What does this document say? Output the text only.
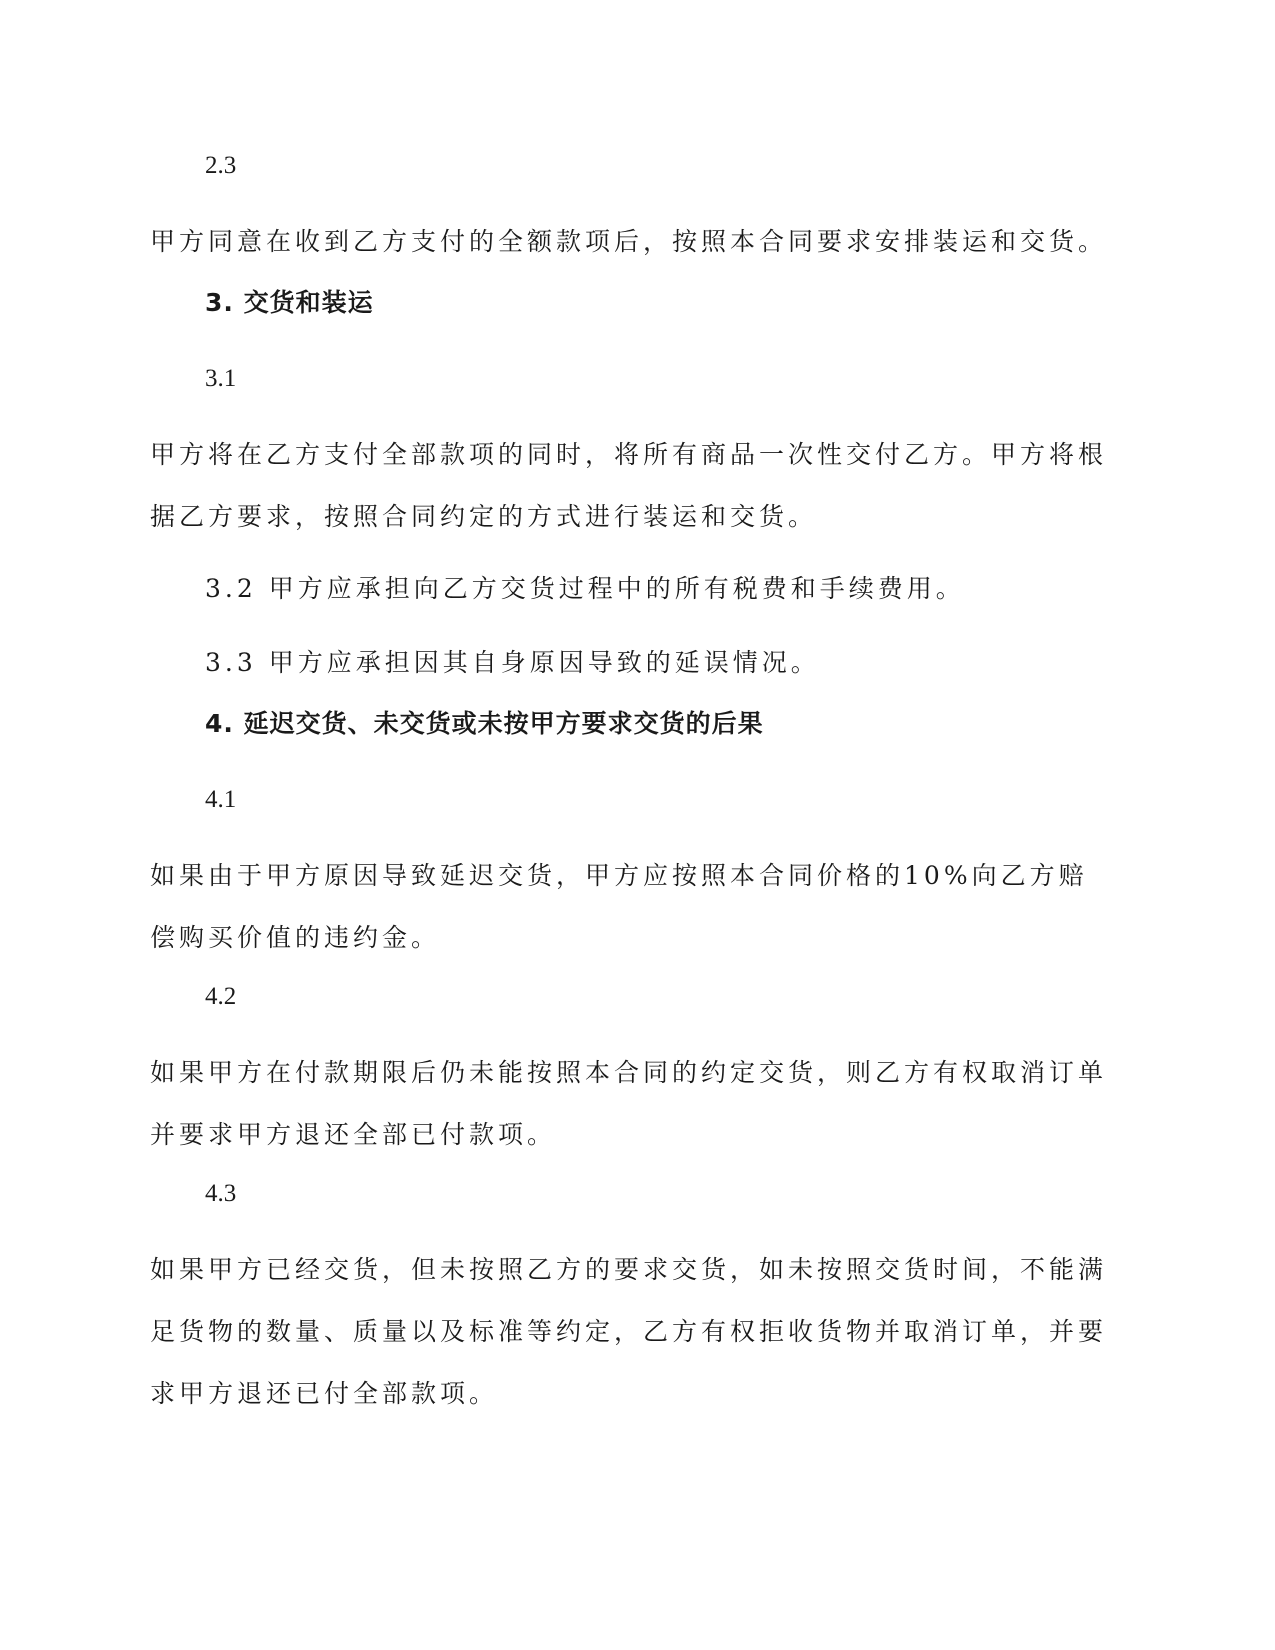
2.3

甲方同意在收到乙方支付的全额款项后，按照本合同要求安排装运和交货。

3. 交货和装运
3.1

甲方将在乙方支付全部款项的同时，将所有商品一次性交付乙方。甲方将根据乙方要求，按照合同约定的方式进行装运和交货。

3.2 甲方应承担向乙方交货过程中的所有税费和手续费用。

3.3 甲方应承担因其自身原因导致的延误情况。

4. 延迟交货、未交货或未按甲方要求交货的后果
4.1

如果由于甲方原因导致延迟交货，甲方应按照本合同价格的10%向乙方赔偿购买价值的违约金。

4.2

如果甲方在付款期限后仍未能按照本合同的约定交货，则乙方有权取消订单并要求甲方退还全部已付款项。

4.3

如果甲方已经交货，但未按照乙方的要求交货，如未按照交货时间，不能满足货物的数量、质量以及标准等约定，乙方有权拒收货物并取消订单，并要求甲方退还已付全部款项。
